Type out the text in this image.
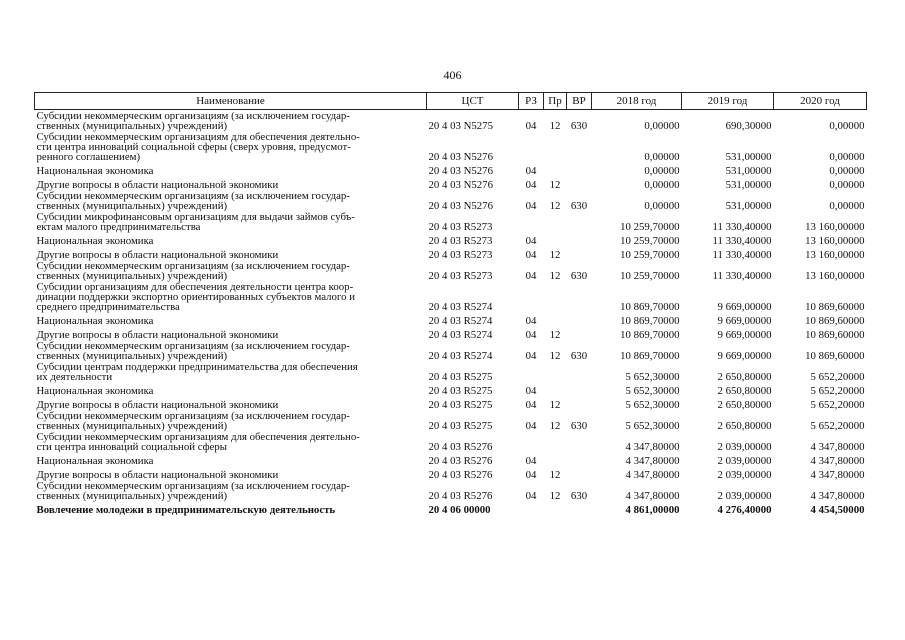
406
Наименование	ЦСТ	РЗ	Пр	ВР	2018 год	2019 год	2020 год
Субсидии некоммерческим организациям (за исключением государ-
ственных (муниципальных) учреждений)	20 4 03 N5275	04	12	630	0,00000	690,30000	0,00000
Субсидии некоммерческим организациям для обеспечения деятельно-
сти центра инноваций социальной сферы (сверх уровня, предусмот-
ренного соглашением)	20 4 03 N5276				0,00000	531,00000	0,00000
Национальная экономика	20 4 03 N5276	04			0,00000	531,00000	0,00000
Другие вопросы в области национальной экономики	20 4 03 N5276	04	12		0,00000	531,00000	0,00000
Субсидии некоммерческим организациям (за исключением государ-
ственных (муниципальных) учреждений)	20 4 03 N5276	04	12	630	0,00000	531,00000	0,00000
Субсидии микрофинансовым организациям для выдачи займов субъ-
ектам малого предпринимательства	20 4 03 R5273				10 259,70000	11 330,40000	13 160,00000
Национальная экономика	20 4 03 R5273	04			10 259,70000	11 330,40000	13 160,00000
Другие вопросы в области национальной экономики	20 4 03 R5273	04	12		10 259,70000	11 330,40000	13 160,00000
Субсидии некоммерческим организациям (за исключением государ-
ственных (муниципальных) учреждений)	20 4 03 R5273	04	12	630	10 259,70000	11 330,40000	13 160,00000
Субсидии организациям для обеспечения деятельности центра коор-
динации поддержки экспортно ориентированных субъектов малого и
среднего предпринимательства	20 4 03 R5274				10 869,70000	9 669,00000	10 869,60000
Национальная экономика	20 4 03 R5274	04			10 869,70000	9 669,00000	10 869,60000
Другие вопросы в области национальной экономики	20 4 03 R5274	04	12		10 869,70000	9 669,00000	10 869,60000
Субсидии некоммерческим организациям (за исключением государ-
ственных (муниципальных) учреждений)	20 4 03 R5274	04	12	630	10 869,70000	9 669,00000	10 869,60000
Субсидии центрам поддержки предпринимательства для обеспечения
их деятельности	20 4 03 R5275				5 652,30000	2 650,80000	5 652,20000
Национальная экономика	20 4 03 R5275	04			5 652,30000	2 650,80000	5 652,20000
Другие вопросы в области национальной экономики	20 4 03 R5275	04	12		5 652,30000	2 650,80000	5 652,20000
Субсидии некоммерческим организациям (за исключением государ-
ственных (муниципальных) учреждений)	20 4 03 R5275	04	12	630	5 652,30000	2 650,80000	5 652,20000
Субсидии некоммерческим организациям для обеспечения деятельно-
сти центра инноваций социальной сферы	20 4 03 R5276				4 347,80000	2 039,00000	4 347,80000
Национальная экономика	20 4 03 R5276	04			4 347,80000	2 039,00000	4 347,80000
Другие вопросы в области национальной экономики	20 4 03 R5276	04	12		4 347,80000	2 039,00000	4 347,80000
Субсидии некоммерческим организациям (за исключением государ-
ственных (муниципальных) учреждений)	20 4 03 R5276	04	12	630	4 347,80000	2 039,00000	4 347,80000
Вовлечение молодежи в предпринимательскую деятельность	20 4 06 00000				4 861,00000	4 276,40000	4 454,50000
